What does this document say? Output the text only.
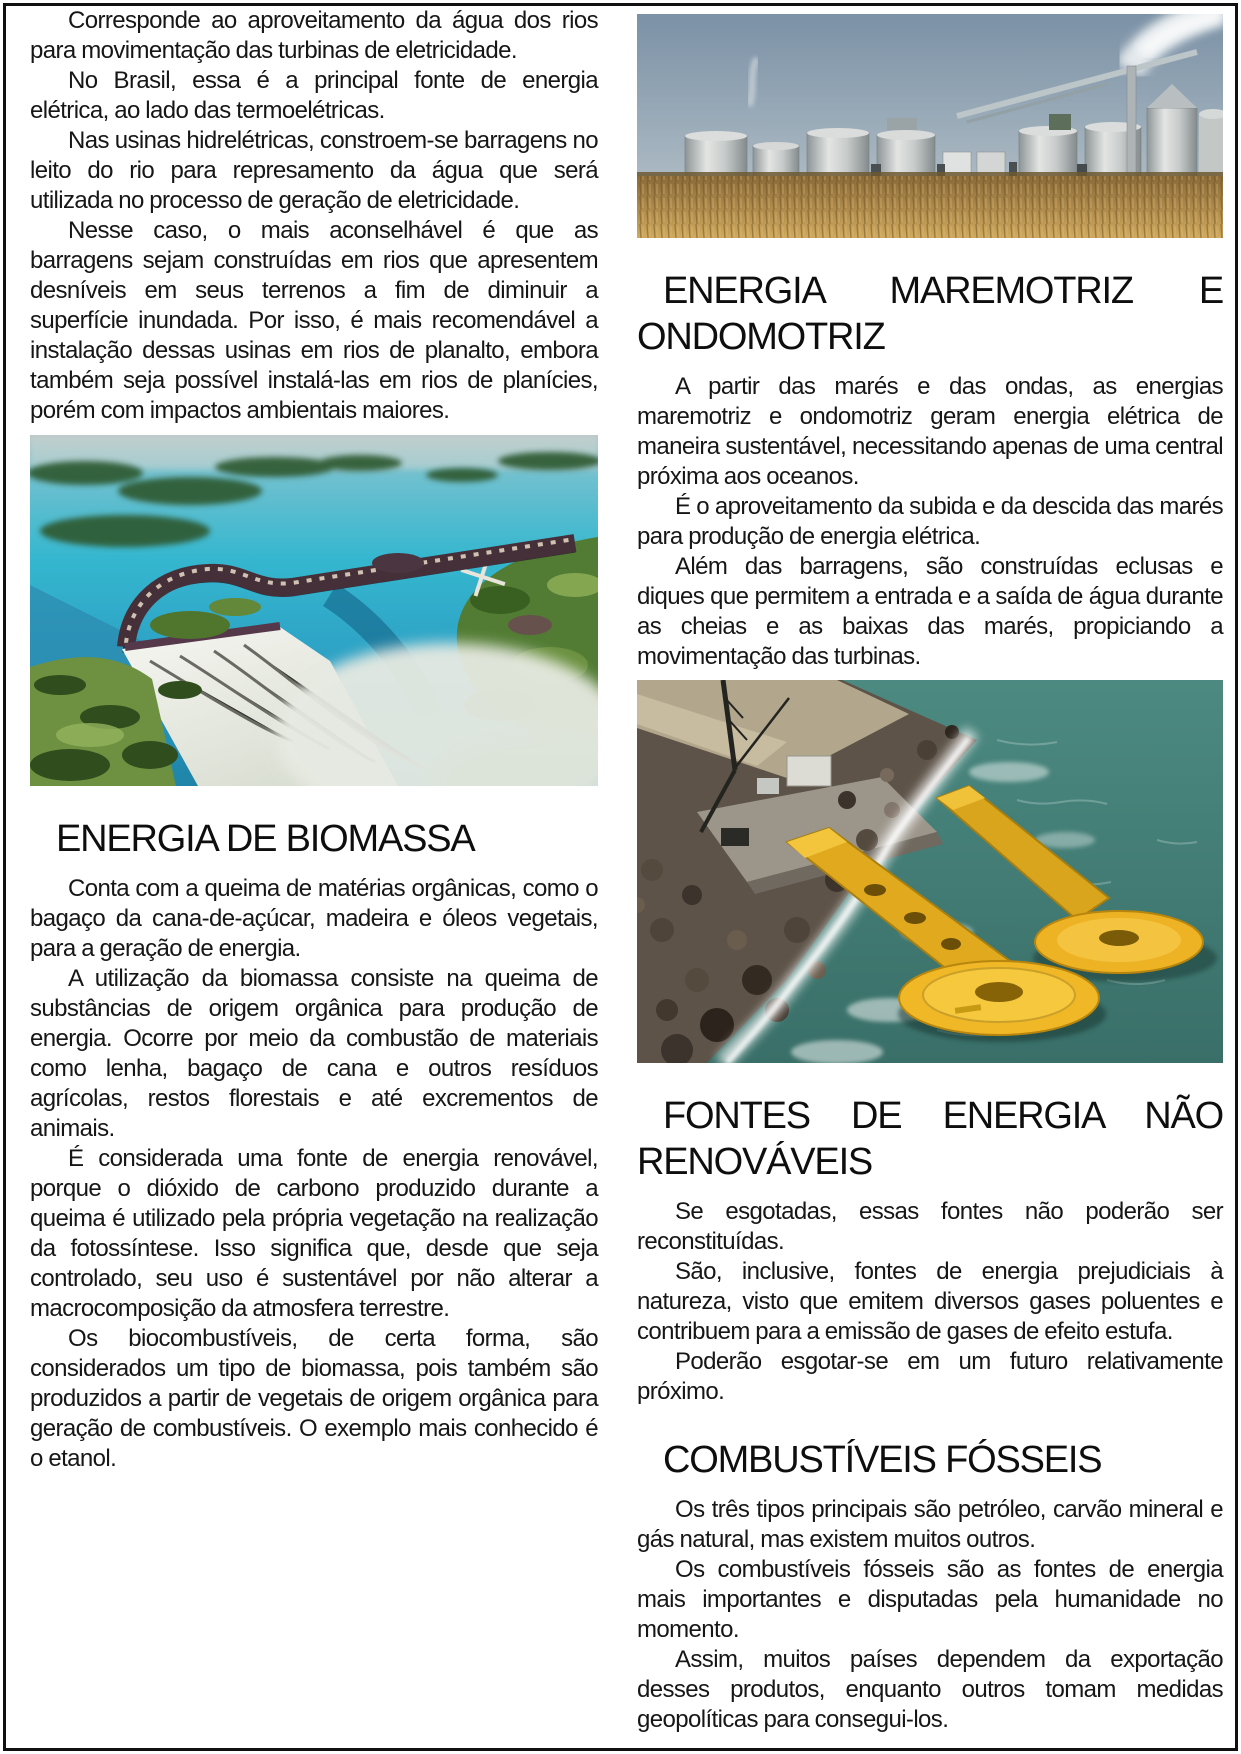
Corresponde ao aproveitamento da água dos rios para movimentação das turbinas de eletricidade.

No Brasil, essa é a principal fonte de energia elétrica, ao lado das termoelétricas.

Nas usinas hidrelétricas, constroem-se barragens no leito do rio para represamento da água que será utilizada no processo de geração de eletricidade.

Nesse caso, o mais aconselhável é que as barragens sejam construídas em rios que apresentem desníveis em seus terrenos a fim de diminuir a superfície inundada. Por isso, é mais recomendável a instalação dessas usinas em rios de planalto, embora também seja possível instalá-las em rios de planícies, porém com impactos ambientais maiores.

ENERGIA DE BIOMASSA

Conta com a queima de matérias orgânicas, como o bagaço da cana-de-açúcar, madeira e óleos vegetais, para a geração de energia.

A utilização da biomassa consiste na queima de substâncias de origem orgânica para produção de energia. Ocorre por meio da combustão de materiais como lenha, bagaço de cana e outros resíduos agrícolas, restos florestais e até excrementos de animais.

É considerada uma fonte de energia renovável, porque o dióxido de carbono produzido durante a queima é utilizado pela própria vegetação na realização da fotossíntese. Isso significa que, desde que seja controlado, seu uso é sustentável por não alterar a macrocomposição da atmosfera terrestre.

Os biocombustíveis, de certa forma, são considerados um tipo de biomassa, pois também são produzidos a partir de vegetais de origem orgânica para geração de combustíveis. O exemplo mais conhecido é o etanol.

ENERGIA MAREMOTRIZ E ONDOMOTRIZ

A partir das marés e das ondas, as energias maremotriz e ondomotriz geram energia elétrica de maneira sustentável, necessitando apenas de uma central próxima aos oceanos.

É o aproveitamento da subida e da descida das marés para produção de energia elétrica.

Além das barragens, são construídas eclusas e diques que permitem a entrada e a saída de água durante as cheias e as baixas das marés, propiciando a movimentação das turbinas.

FONTES DE ENERGIA NÃO RENOVÁVEIS

Se esgotadas, essas fontes não poderão ser reconstituídas.

São, inclusive, fontes de energia prejudiciais à natureza, visto que emitem diversos gases poluentes e contribuem para a emissão de gases de efeito estufa.

Poderão esgotar-se em um futuro relativamente próximo.

COMBUSTÍVEIS FÓSSEIS

Os três tipos principais são petróleo, carvão mineral e gás natural, mas existem muitos outros.

Os combustíveis fósseis são as fontes de energia mais importantes e disputadas pela humanidade no momento.

Assim, muitos países dependem da exportação desses produtos, enquanto outros tomam medidas geopolíticas para consegui-los.
